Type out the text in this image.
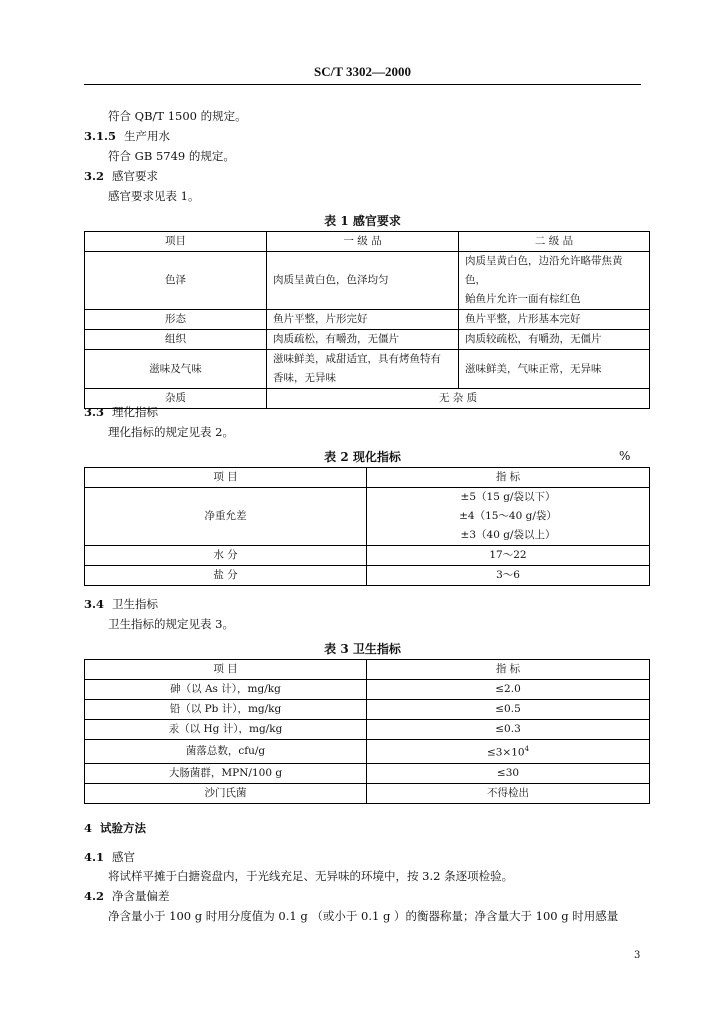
SC/T 3302—2000
符合 QB/T 1500 的规定。
3.1.5 生产用水
符合 GB 5749 的规定。
3.2 感官要求
感官要求见表 1。
表 1 感官要求
项目	一 级 品	二 级 品
色泽	肉质呈黄白色，色泽均匀	肉质呈黄白色，边沿允许略带焦黄色，
鲐鱼片允许一面有棕红色

形态	鱼片平整，片形完好	鱼片平整，片形基本完好
组织	肉质疏松，有嚼劲，无僵片	肉质较疏松，有嚼劲，无僵片
滋味及气味	滋味鲜美，咸甜适宜，具有烤鱼特有
香味，无异味	滋味鲜美，气味正常，无异味
杂质	无 杂 质	
3.3 理化指标
理化指标的规定见表 2。
表 2 现化指标	%
项 目	指 标
净重允差	±5（15 g/袋以下）
±4（15～40 g/袋）
±3（40 g/袋以上）

水 分	17～22
盐 分	3～6
3.4 卫生指标
卫生指标的规定见表 3。
表 3 卫生指标
项 目	指 标
砷（以 As 计），mg/kg	≤2.0
铅（以 Pb 计），mg/kg	≤0.5
汞（以 Hg 计），mg/kg	≤0.3
菌落总数，cfu/g	$\le 3\times 10^4$
大肠菌群，MPN/100 g	≤30
沙门氏菌	不得检出
4 试验方法
4.1 感官
将试样平摊于白搪瓷盘内，于光线充足、无异味的环境中，按 3.2 条逐项检验。
4.2 净含量偏差
净含量小于 100 g 时用分度值为 0.1 g （或小于 0.1 g ）的衡器称量；净含量大于 100 g 时用感量
3
